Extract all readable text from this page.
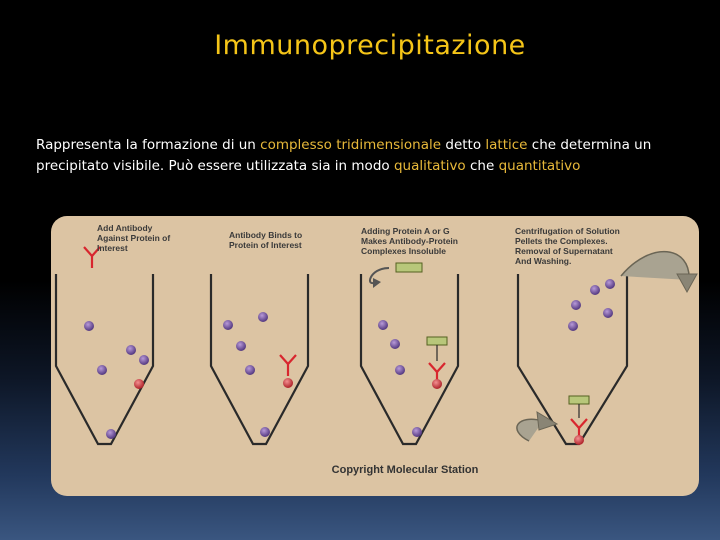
Immunoprecipitazione
Rappresenta la formazione di un complesso tridimensionale detto lattice che determina un precipitato visibile. Può essere utilizzata sia in modo qualitativo che quantitativo
Add Antibody
Against Protein of
Interest
Antibody Binds to
Protein of Interest
Adding Protein A or G
Makes Antibody-Protein
Complexes Insoluble
Centrifugation of Solution
Pellets the Complexes.
Removal of Supernatant
And Washing.
Copyright Molecular Station
